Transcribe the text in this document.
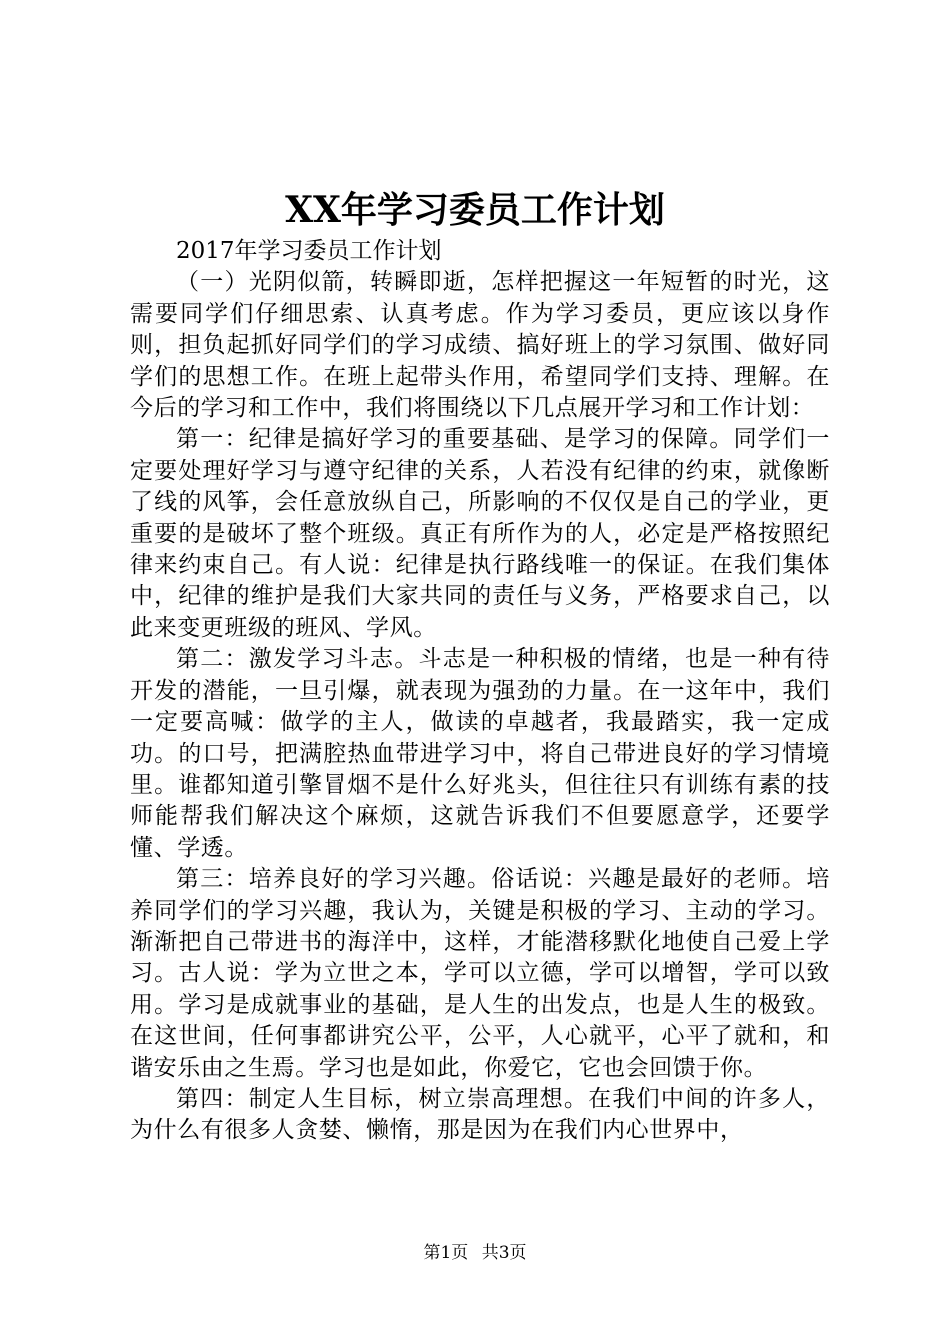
XX年学习委员工作计划

2017年学习委员工作计划

（一）光阴似箭，转瞬即逝，怎样把握这一年短暂的时光，这需要同学们仔细思索、认真考虑。作为学习委员，更应该以身作则，担负起抓好同学们的学习成绩、搞好班上的学习氛围、做好同学们的思想工作。在班上起带头作用，希望同学们支持、理解。在今后的学习和工作中，我们将围绕以下几点展开学习和工作计划：

第一：纪律是搞好学习的重要基础、是学习的保障。同学们一定要处理好学习与遵守纪律的关系，人若没有纪律的约束，就像断了线的风筝，会任意放纵自己，所影响的不仅仅是自己的学业，更重要的是破坏了整个班级。真正有所作为的人，必定是严格按照纪律来约束自己。有人说：纪律是执行路线唯一的保证。在我们集体中，纪律的维护是我们大家共同的责任与义务，严格要求自己，以此来变更班级的班风、学风。

第二：激发学习斗志。斗志是一种积极的情绪，也是一种有待开发的潜能，一旦引爆，就表现为强劲的力量。在一这年中，我们一定要高喊：做学的主人，做读的卓越者，我最踏实，我一定成功。的口号，把满腔热血带进学习中，将自己带进良好的学习情境里。谁都知道引擎冒烟不是什么好兆头，但往往只有训练有素的技师能帮我们解决这个麻烦，这就告诉我们不但要愿意学，还要学懂、学透。

第三：培养良好的学习兴趣。俗话说：兴趣是最好的老师。培养同学们的学习兴趣，我认为，关键是积极的学习、主动的学习。渐渐把自己带进书的海洋中，这样，才能潜移默化地使自己爱上学习。古人说：学为立世之本，学可以立德，学可以增智，学可以致用。学习是成就事业的基础，是人生的出发点，也是人生的极致。在这世间，任何事都讲究公平，公平，人心就平，心平了就和，和谐安乐由之生焉。学习也是如此，你爱它，它也会回馈于你。

第四：制定人生目标，树立崇高理想。在我们中间的许多人，为什么有很多人贪婪、懒惰，那是因为在我们内心世界中，

第1页 共3页
